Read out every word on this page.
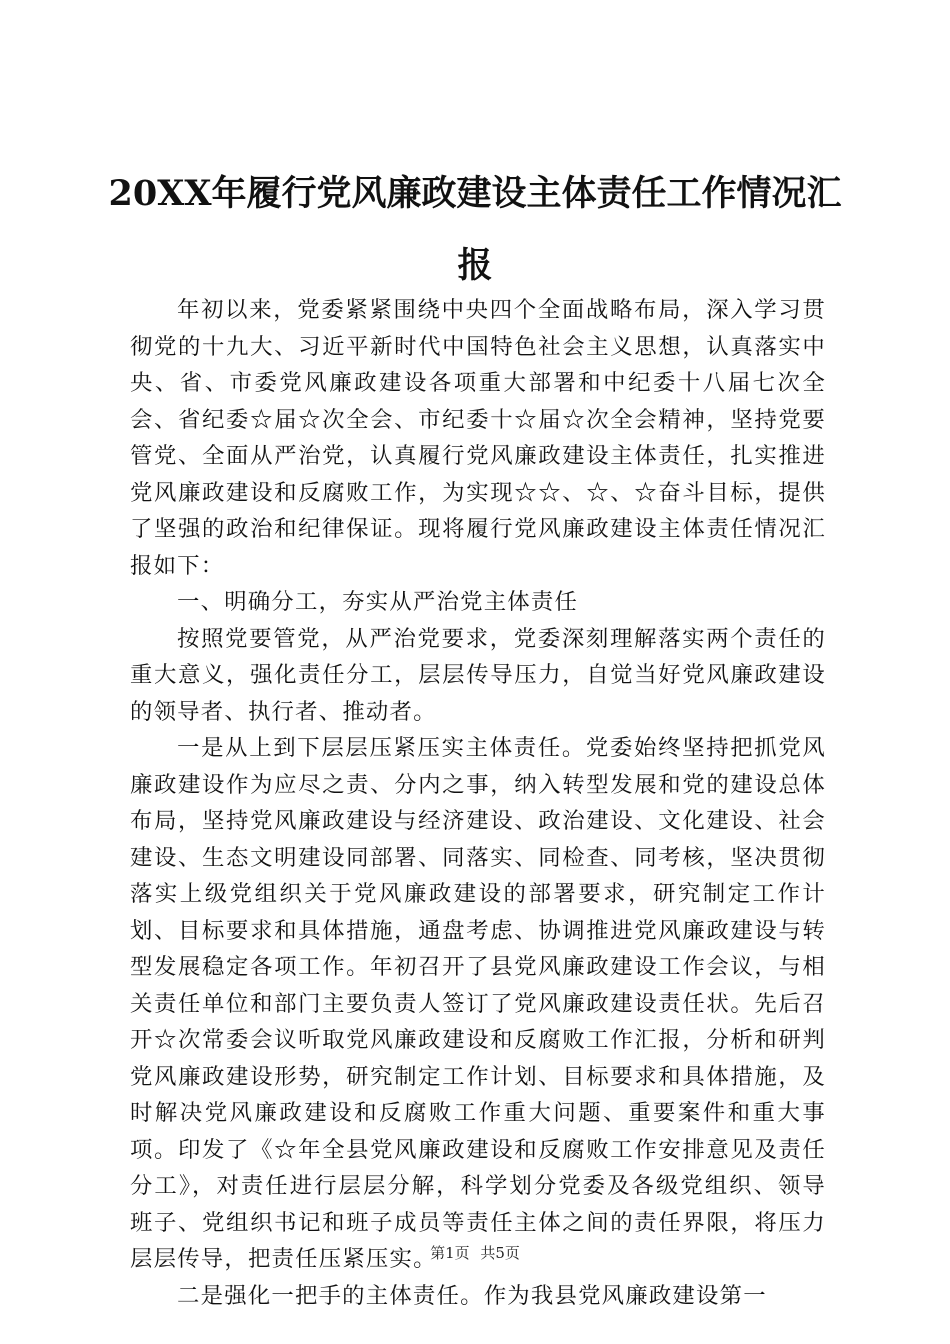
20XX年履行党风廉政建设主体责任工作情况汇报

年初以来，党委紧紧围绕中央四个全面战略布局，深入学习贯彻党的十九大、习近平新时代中国特色社会主义思想，认真落实中央、省、市委党风廉政建设各项重大部署和中纪委十八届七次全会、省纪委☆届☆次全会、市纪委十☆届☆次全会精神，坚持党要管党、全面从严治党，认真履行党风廉政建设主体责任，扎实推进党风廉政建设和反腐败工作，为实现☆☆、☆、☆奋斗目标，提供了坚强的政治和纪律保证。现将履行党风廉政建设主体责任情况汇报如下：

一、明确分工，夯实从严治党主体责任

按照党要管党，从严治党要求，党委深刻理解落实两个责任的重大意义，强化责任分工，层层传导压力，自觉当好党风廉政建设的领导者、执行者、推动者。

一是从上到下层层压紧压实主体责任。党委始终坚持把抓党风廉政建设作为应尽之责、分内之事，纳入转型发展和党的建设总体布局，坚持党风廉政建设与经济建设、政治建设、文化建设、社会建设、生态文明建设同部署、同落实、同检查、同考核，坚决贯彻落实上级党组织关于党风廉政建设的部署要求，研究制定工作计划、目标要求和具体措施，通盘考虑、协调推进党风廉政建设与转型发展稳定各项工作。年初召开了县党风廉政建设工作会议，与相关责任单位和部门主要负责人签订了党风廉政建设责任状。先后召开☆次常委会议听取党风廉政建设和反腐败工作汇报，分析和研判党风廉政建设形势，研究制定工作计划、目标要求和具体措施，及时解决党风廉政建设和反腐败工作重大问题、重要案件和重大事项。印发了《☆年全县党风廉政建设和反腐败工作安排意见及责任分工》，对责任进行层层分解，科学划分党委及各级党组织、领导班子、党组织书记和班子成员等责任主体之间的责任界限，将压力层层传导，把责任压紧压实。

二是强化一把手的主体责任。作为我县党风廉政建设第一

第1页 共5页
